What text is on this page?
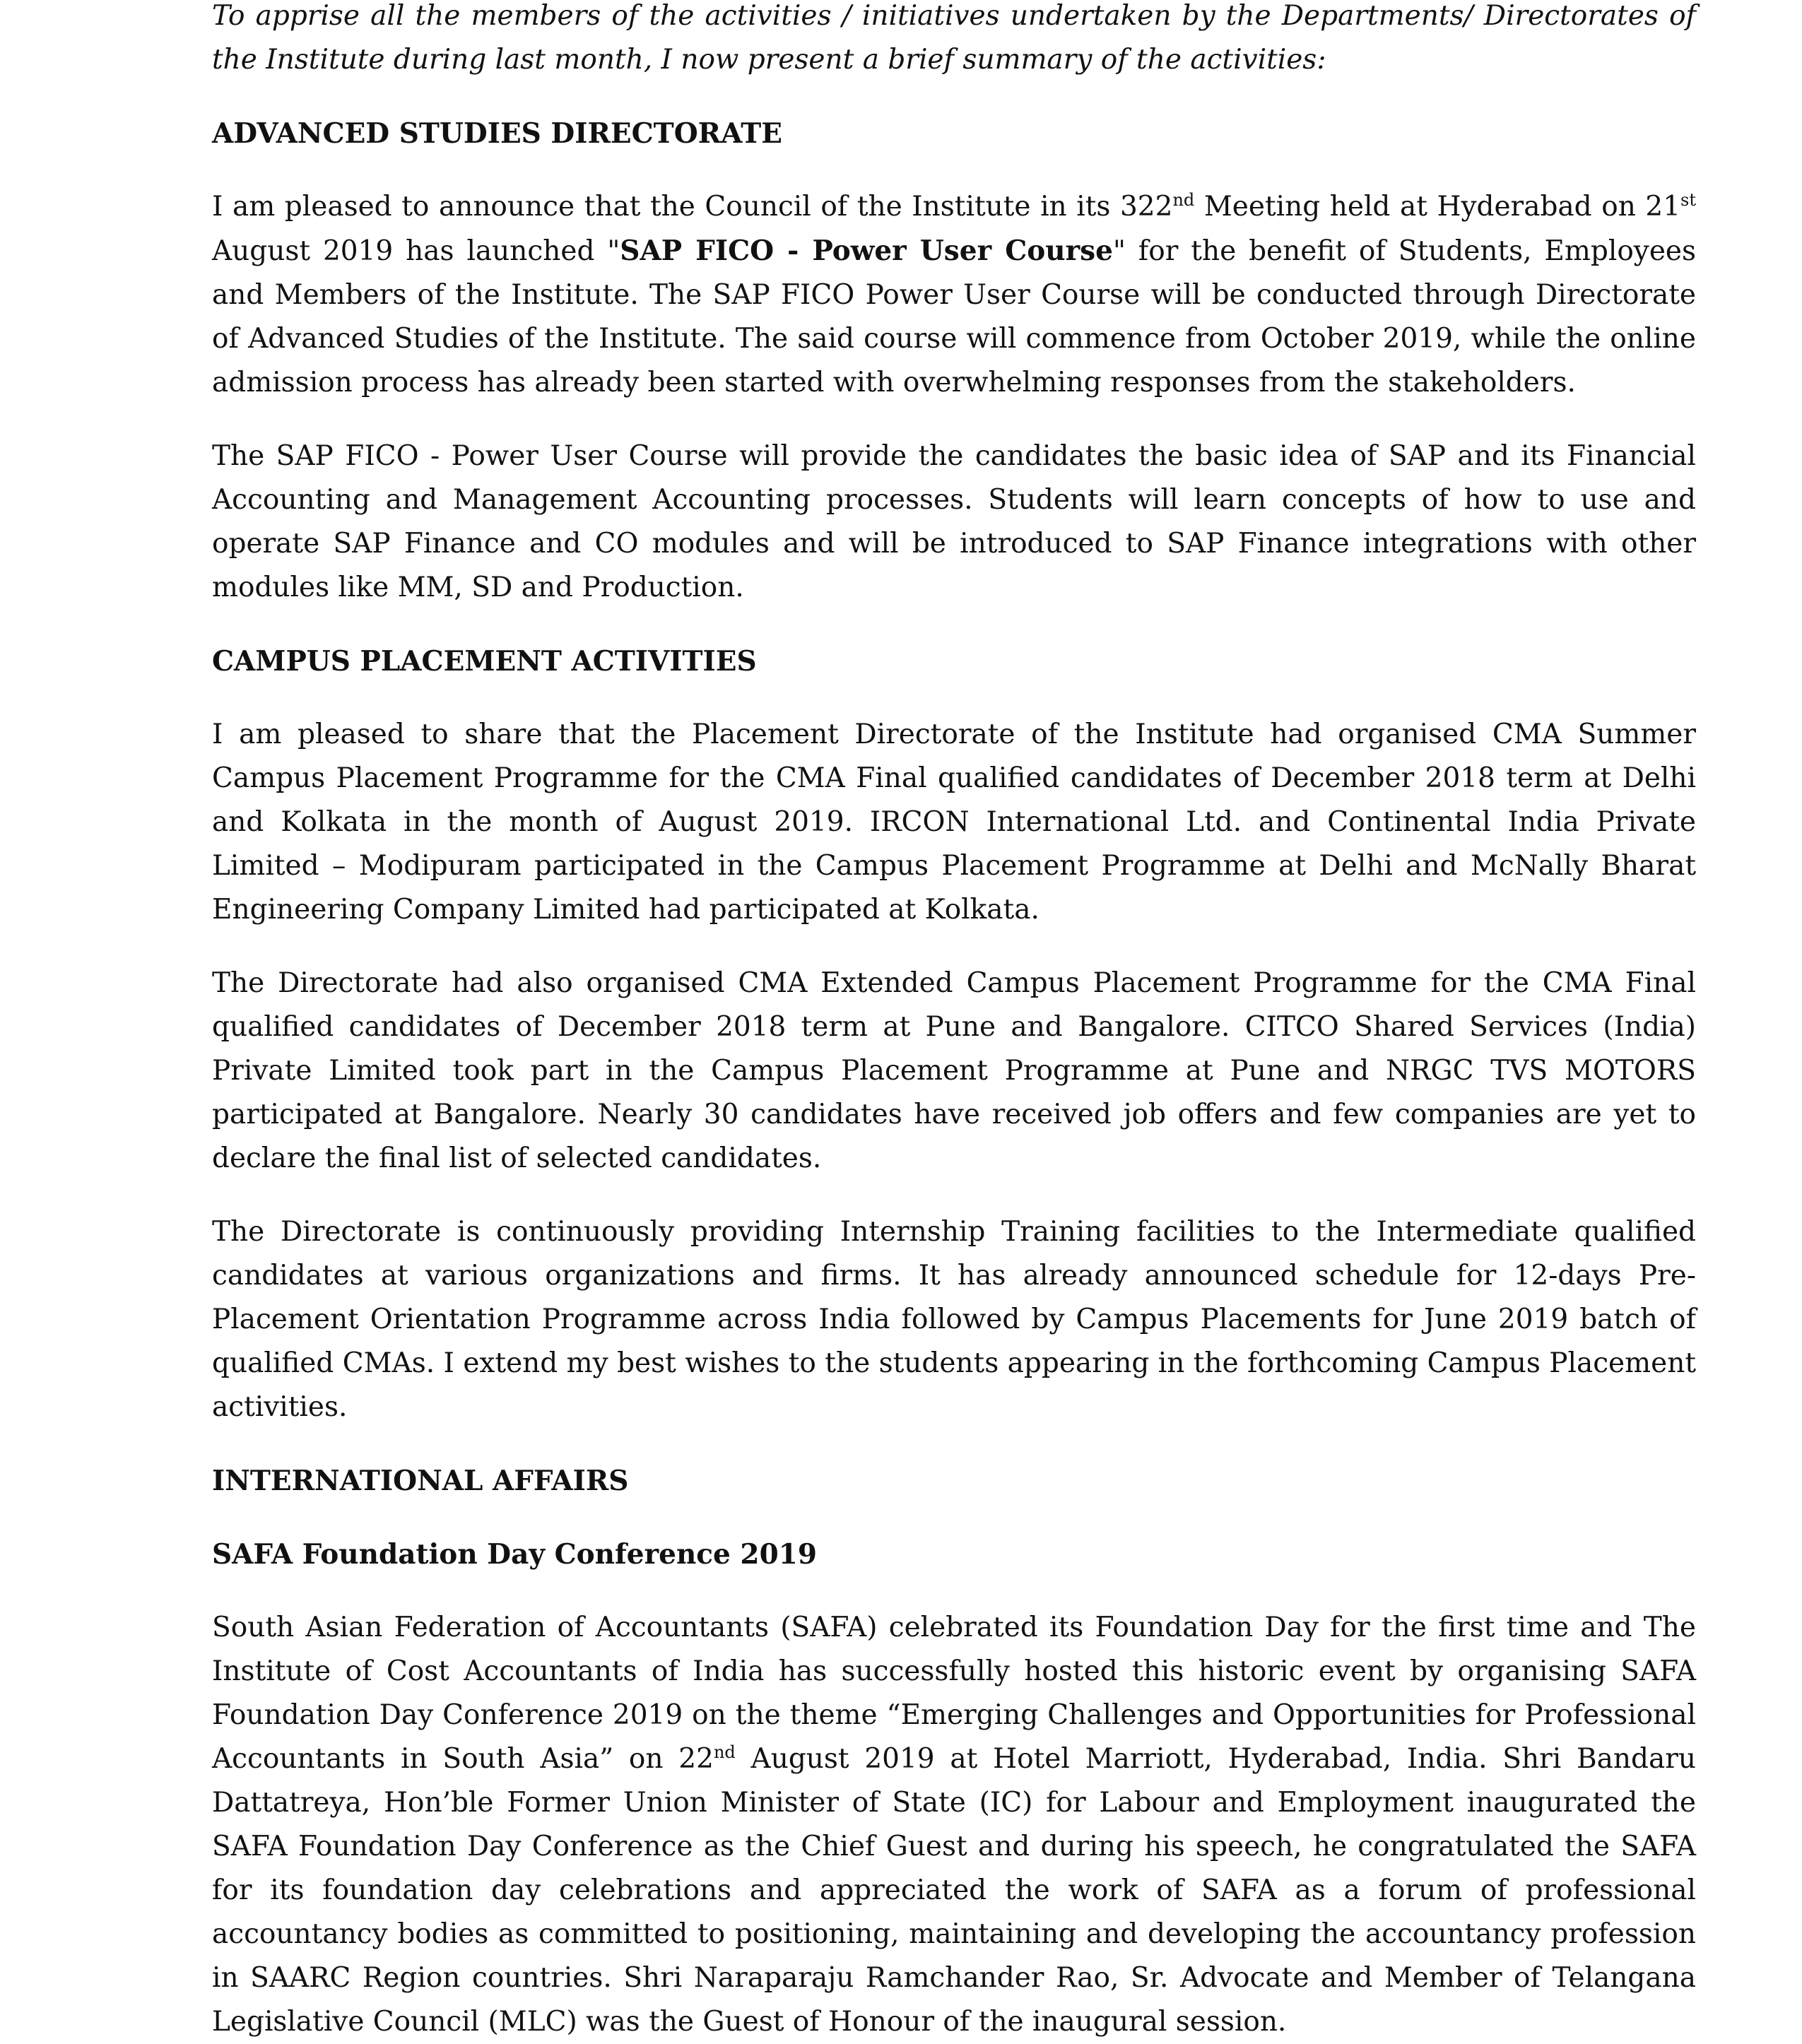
To apprise all the members of the activities / initiatives undertaken by the Departments/ Directorates of the Institute during last month, I now present a brief summary of the activities:

ADVANCED STUDIES DIRECTORATE

I am pleased to announce that the Council of the Institute in its 322nd Meeting held at Hyderabad on 21st August 2019 has launched "SAP FICO - Power User Course" for the benefit of Students, Employees and Members of the Institute. The SAP FICO Power User Course will be conducted through Directorate of Advanced Studies of the Institute. The said course will commence from October 2019, while the online admission process has already been started with overwhelming responses from the stakeholders.

The SAP FICO - Power User Course will provide the candidates the basic idea of SAP and its Financial Accounting and Management Accounting processes. Students will learn concepts of how to use and operate SAP Finance and CO modules and will be introduced to SAP Finance integrations with other modules like MM, SD and Production.

CAMPUS PLACEMENT ACTIVITIES

I am pleased to share that the Placement Directorate of the Institute had organised CMA Summer Campus Placement Programme for the CMA Final qualified candidates of December 2018 term at Delhi and Kolkata in the month of August 2019. IRCON International Ltd. and Continental India Private Limited – Modipuram participated in the Campus Placement Programme at Delhi and McNally Bharat Engineering Company Limited had participated at Kolkata.

The Directorate had also organised CMA Extended Campus Placement Programme for the CMA Final qualified candidates of December 2018 term at Pune and Bangalore. CITCO Shared Services (India) Private Limited took part in the Campus Placement Programme at Pune and NRGC TVS MOTORS participated at Bangalore. Nearly 30 candidates have received job offers and few companies are yet to declare the final list of selected candidates.

The Directorate is continuously providing Internship Training facilities to the Intermediate qualified candidates at various organizations and firms. It has already announced schedule for 12-days Pre-Placement Orientation Programme across India followed by Campus Placements for June 2019 batch of qualified CMAs. I extend my best wishes to the students appearing in the forthcoming Campus Placement activities.

INTERNATIONAL AFFAIRS

SAFA Foundation Day Conference 2019

South Asian Federation of Accountants (SAFA) celebrated its Foundation Day for the first time and The Institute of Cost Accountants of India has successfully hosted this historic event by organising SAFA Foundation Day Conference 2019 on the theme “Emerging Challenges and Opportunities for Professional Accountants in South Asia” on 22nd August 2019 at Hotel Marriott, Hyderabad, India. Shri Bandaru Dattatreya, Hon’ble Former Union Minister of State (IC) for Labour and Employment inaugurated the SAFA Foundation Day Conference as the Chief Guest and during his speech, he congratulated the SAFA for its foundation day celebrations and appreciated the work of SAFA as a forum of professional accountancy bodies as committed to positioning, maintaining and developing the accountancy profession in SAARC Region countries. Shri Naraparaju Ramchander Rao, Sr. Advocate and Member of Telangana Legislative Council (MLC) was the Guest of Honour of the inaugural session.
